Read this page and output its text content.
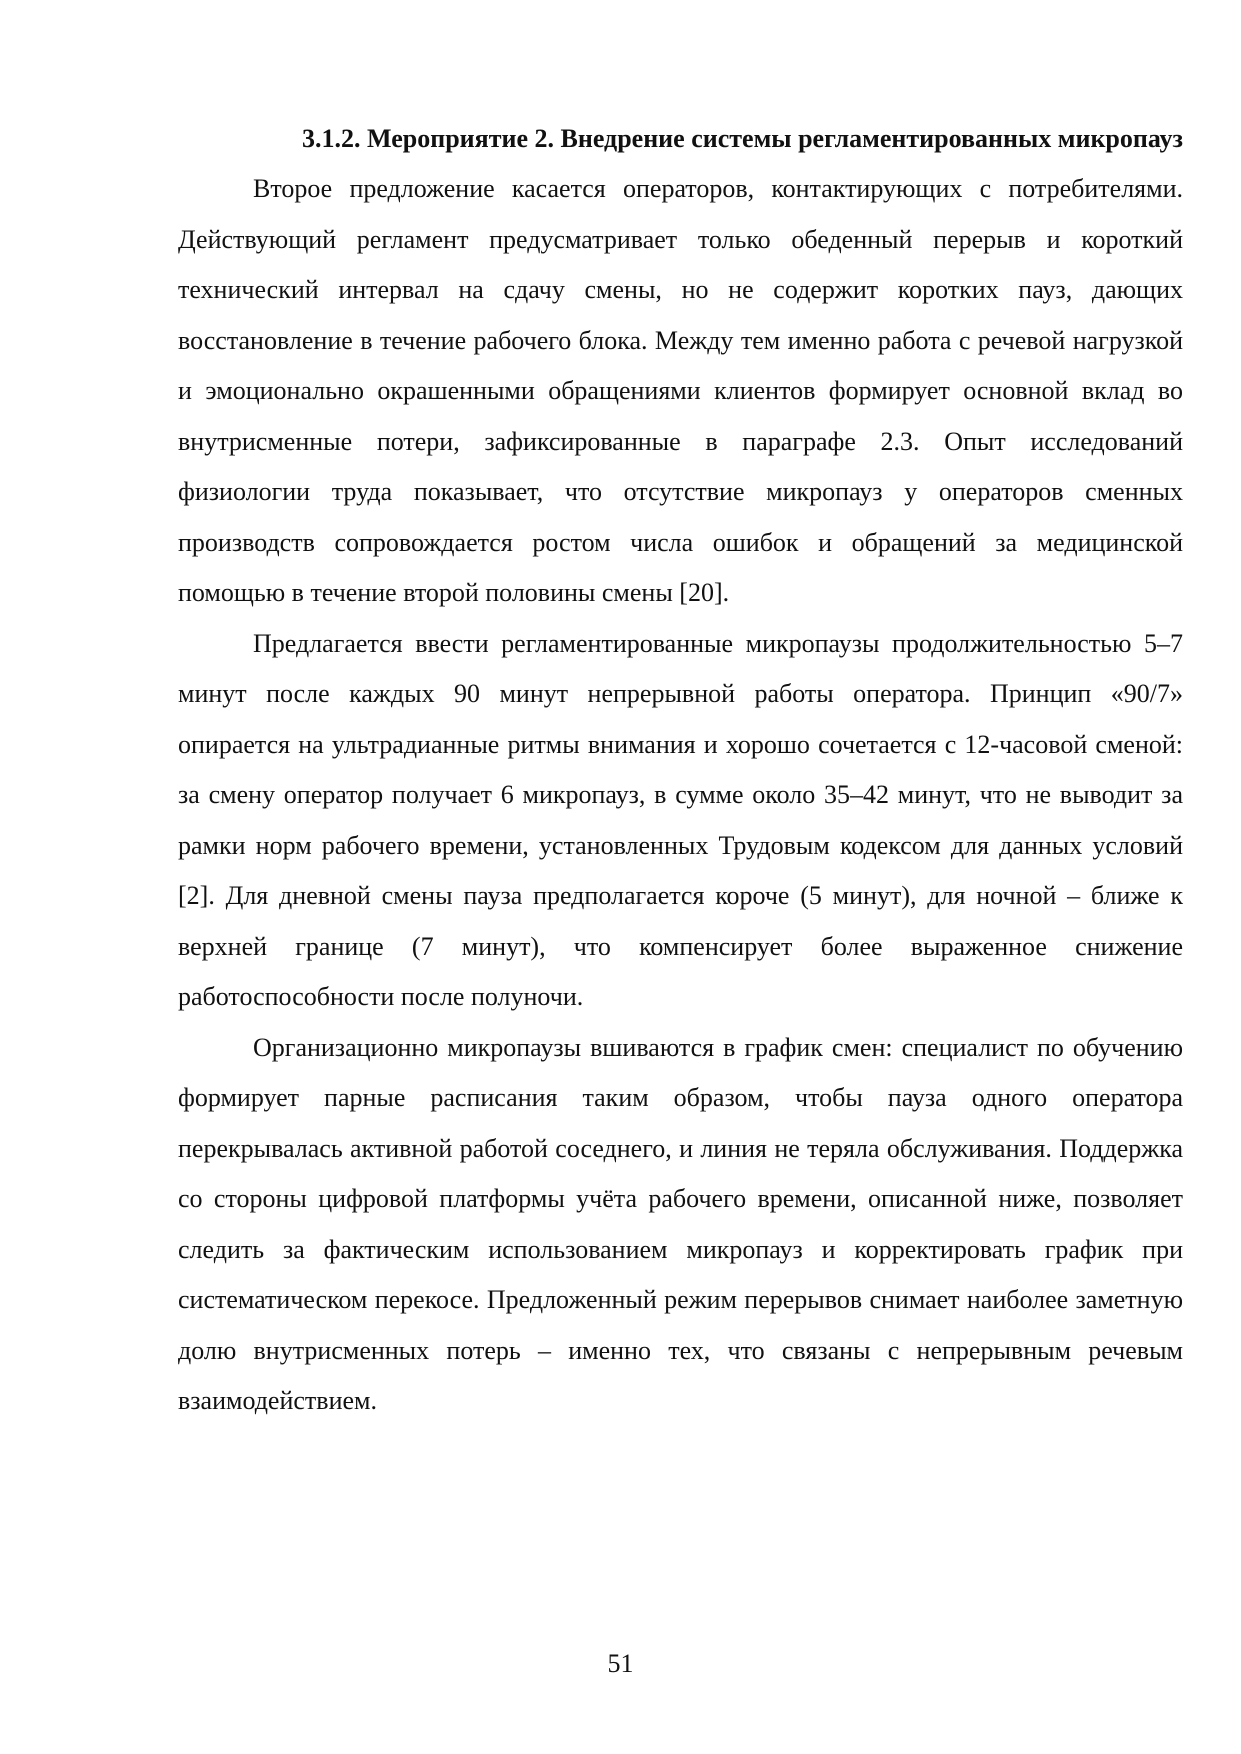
3.1.2. Мероприятие 2. Внедрение системы регламентированных микропауз

Второе предложение касается операторов, контактирующих с потребителями. Действующий регламент предусматривает только обеденный перерыв и короткий технический интервал на сдачу смены, но не содержит коротких пауз, дающих восстановление в течение рабочего блока. Между тем именно работа с речевой нагрузкой и эмоционально окрашенными обращениями клиентов формирует основной вклад во внутрисменные потери, зафиксированные в параграфе 2.3. Опыт исследований физиологии труда показывает, что отсутствие микропауз у операторов сменных производств сопровождается ростом числа ошибок и обращений за медицинской помощью в течение второй половины смены [20].

Предлагается ввести регламентированные микропаузы продолжительностью 5–7 минут после каждых 90 минут непрерывной работы оператора. Принцип «90/7» опирается на ультрадианные ритмы внимания и хорошо сочетается с 12-часовой сменой: за смену оператор получает 6 микропауз, в сумме около 35–42 минут, что не выводит за рамки норм рабочего времени, установленных Трудовым кодексом для данных условий [2]. Для дневной смены пауза предполагается короче (5 минут), для ночной – ближе к верхней границе (7 минут), что компенсирует более выраженное снижение работоспособности после полуночи.

Организационно микропаузы вшиваются в график смен: специалист по обучению формирует парные расписания таким образом, чтобы пауза одного оператора перекрывалась активной работой соседнего, и линия не теряла обслуживания. Поддержка со стороны цифровой платформы учёта рабочего времени, описанной ниже, позволяет следить за фактическим использованием микропауз и корректировать график при систематическом перекосе. Предложенный режим перерывов снимает наиболее заметную долю внутрисменных потерь – именно тех, что связаны с непрерывным речевым взаимодействием.

51
